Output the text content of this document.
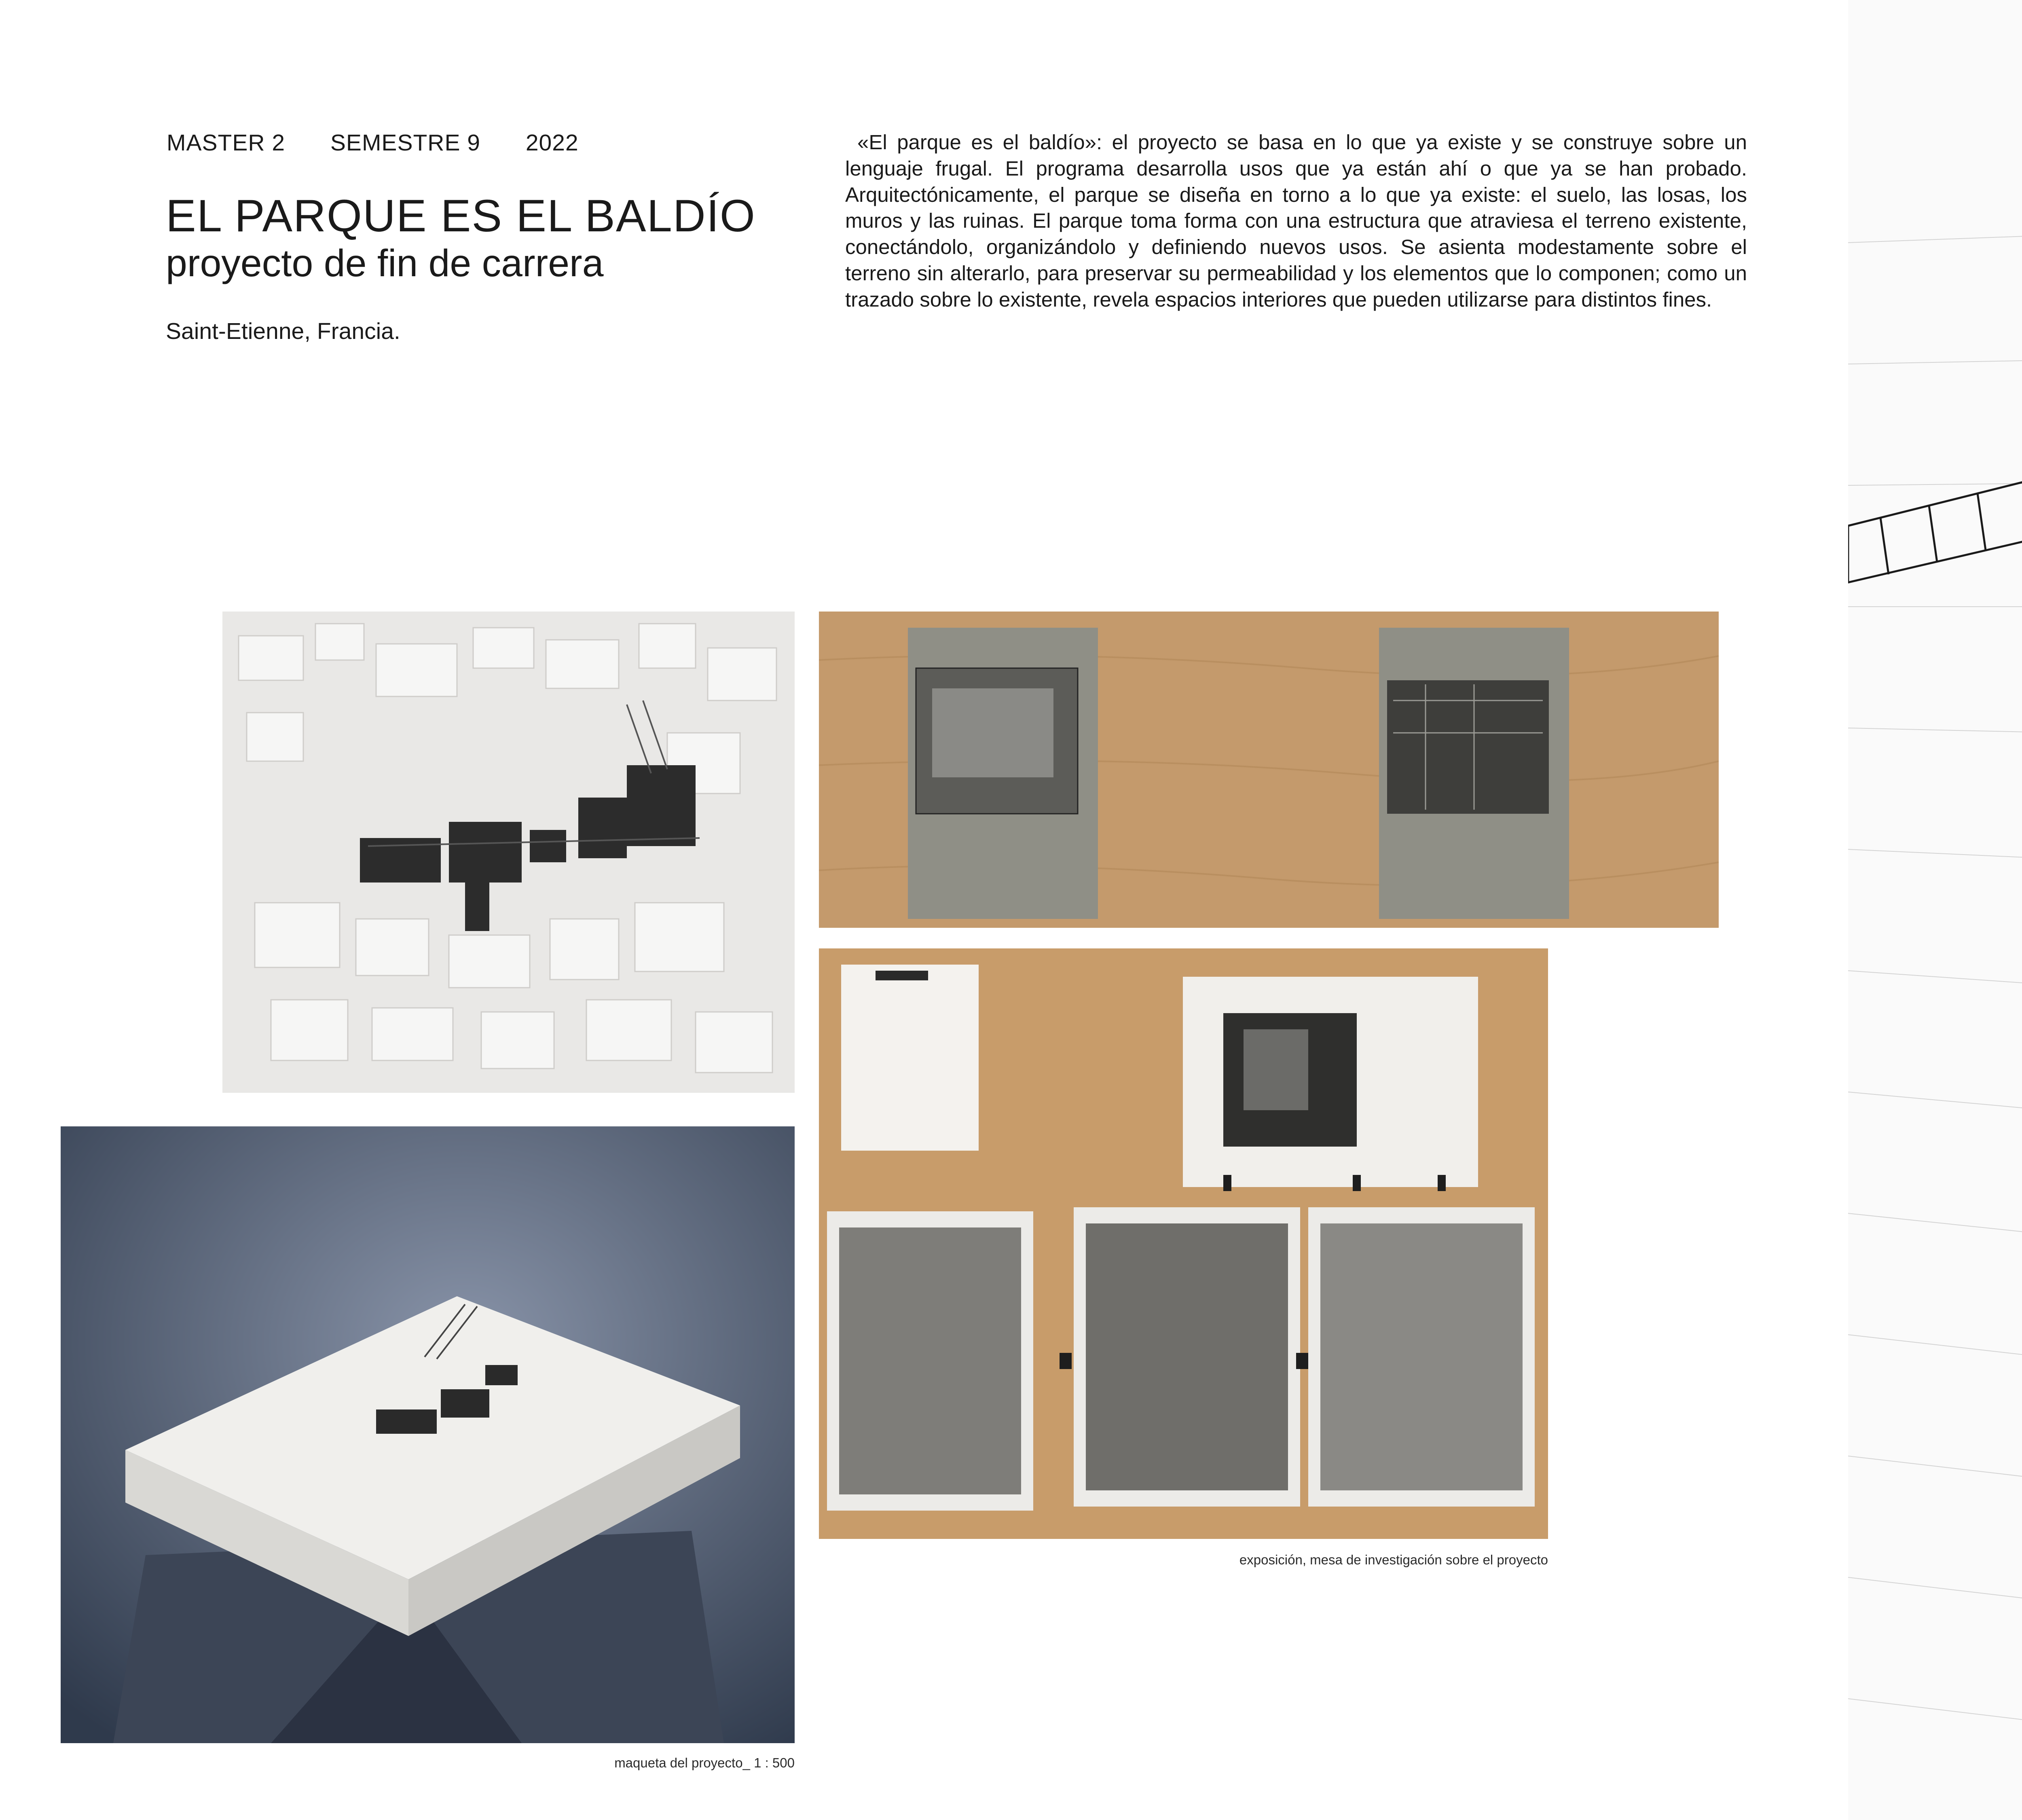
MASTER 2 SEMESTRE 9 2022
EL PARQUE ES EL BALDÍO
proyecto de fin de carrera
Saint-Etienne, Francia.
«El parque es el baldío»: el proyecto se basa en lo que ya existe y se construye sobre un lenguaje frugal. El programa desarrolla usos que ya están ahí o que ya se han probado. Arquitectónicamente, el parque se diseña en torno a lo que ya existe: el suelo, las losas, los muros y las ruinas. El parque toma forma con una estructura que atraviesa el terreno existente, conectándolo, organizándolo y definiendo nuevos usos. Se asienta modestamente sobre el terreno sin alterarlo, para preservar su permeabilidad y los elementos que lo componen; como un trazado sobre lo existente, revela espacios interiores que pueden utilizarse para distintos fines.
exposición, mesa de investigación sobre el proyecto
maqueta del proyecto_ 1 : 500
